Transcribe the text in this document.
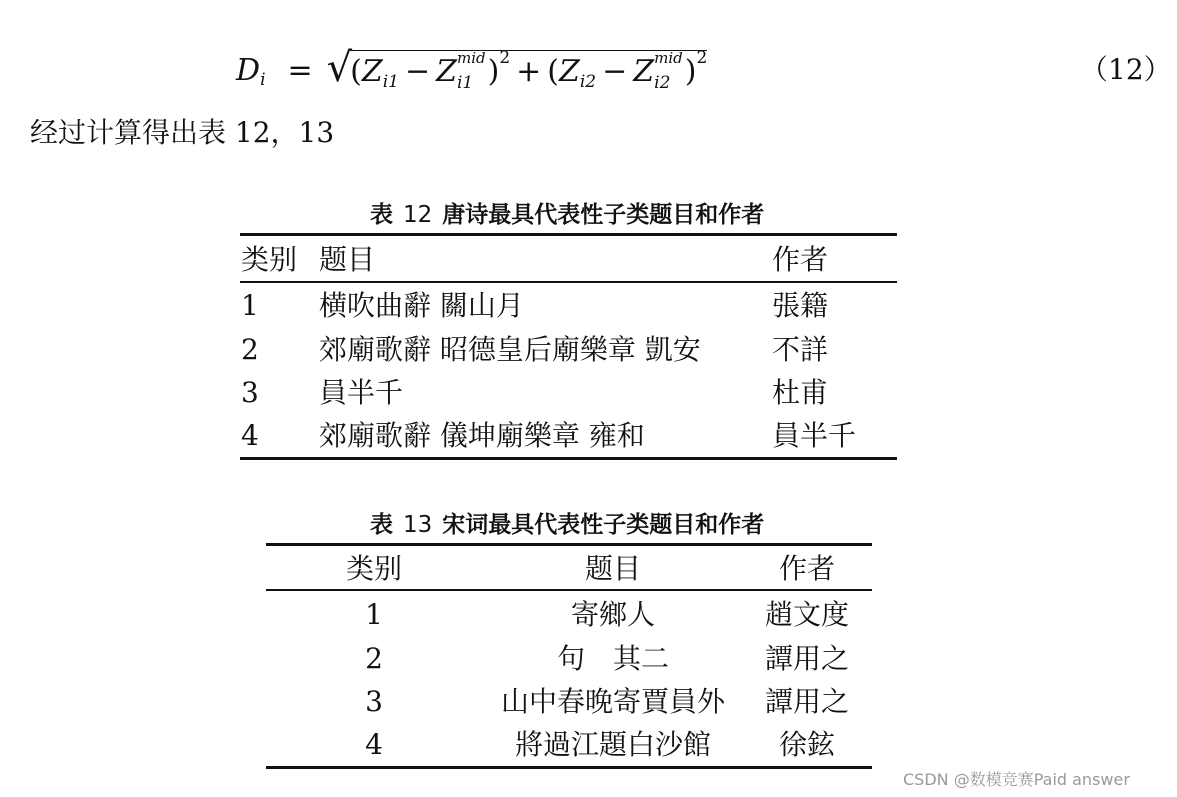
D i = √
( Z i1 − Z mid
i1 ) 2 + ( Z i2 − Z mid
i2 ) 2	（12）
经过计算得出表 12，13
表 12 唐诗最具代表性子类题目和作者
类别 题目	作者
1 横吹曲辭 關山月	張籍
2 郊廟歌辭 昭德皇后廟樂章 凱安	不詳
3 員半千	杜甫
4 郊廟歌辭 儀坤廟樂章 雍和	員半千
表 13 宋词最具代表性子类题目和作者
类别	题目	作者
1	寄鄉人	趙文度
2	句　其二	譚用之
3	山中春晚寄賈員外	譚用之
4	將過江題白沙館	徐鉉
CSDN @数模竞赛Paid answer
